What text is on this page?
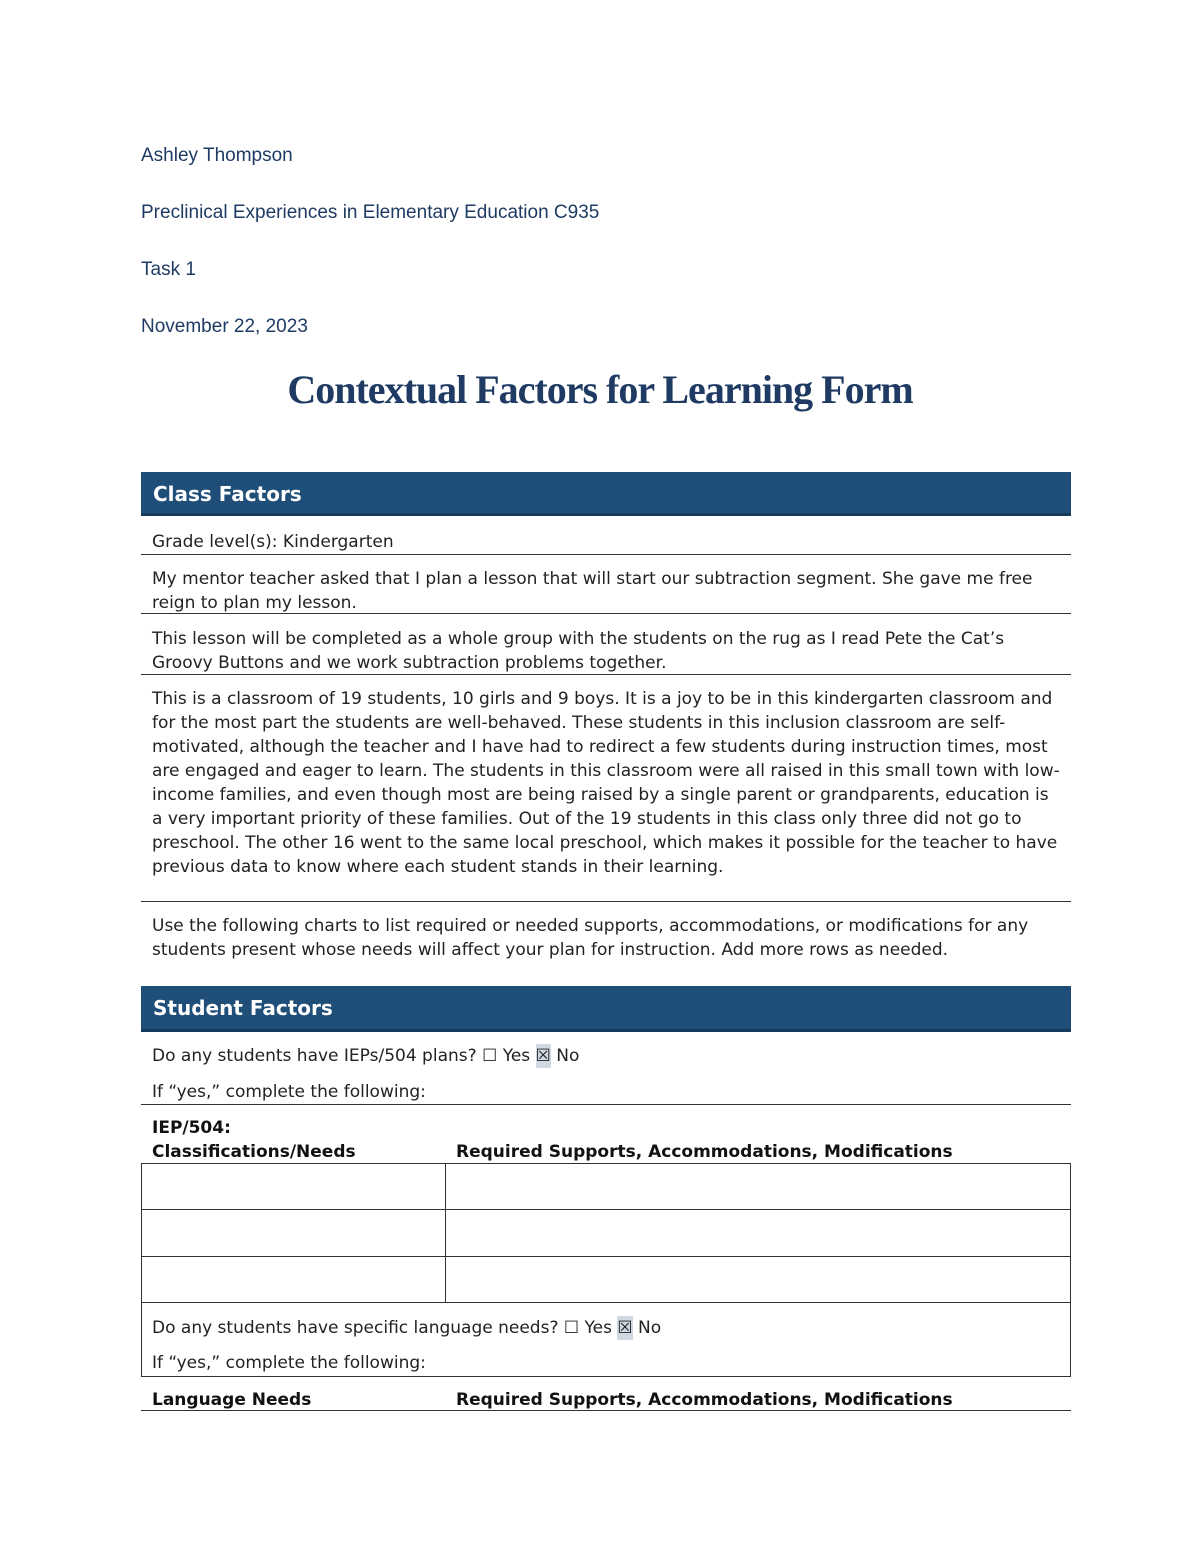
Ashley Thompson
Preclinical Experiences in Elementary Education C935
Task 1
November 22, 2023
Contextual Factors for Learning Form
Class Factors
Grade level(s): Kindergarten
My mentor teacher asked that I plan a lesson that will start our subtraction segment. She gave me free reign to plan my lesson.
This lesson will be completed as a whole group with the students on the rug as I read Pete the Cat’s Groovy Buttons and we work subtraction problems together.
This is a classroom of 19 students, 10 girls and 9 boys. It is a joy to be in this kindergarten classroom and for the most part the students are well-behaved. These students in this inclusion classroom are self-motivated, although the teacher and I have had to redirect a few students during instruction times, most are engaged and eager to learn. The students in this classroom were all raised in this small town with low-income families, and even though most are being raised by a single parent or grandparents, education is a very important priority of these families. Out of the 19 students in this class only three did not go to preschool. The other 16 went to the same local preschool, which makes it possible for the teacher to have previous data to know where each student stands in their learning.
Use the following charts to list required or needed supports, accommodations, or modifications for any students present whose needs will affect your plan for instruction. Add more rows as needed.
Student Factors
Do any students have IEPs/504 plans? ☐ Yes ☒ No
If “yes,” complete the following:
IEP/504:
Classifications/Needs	Required Supports, Accommodations, Modifications

Do any students have specific language needs? ☐ Yes ☒ No
If “yes,” complete the following:
Language Needs	Required Supports, Accommodations, Modifications
